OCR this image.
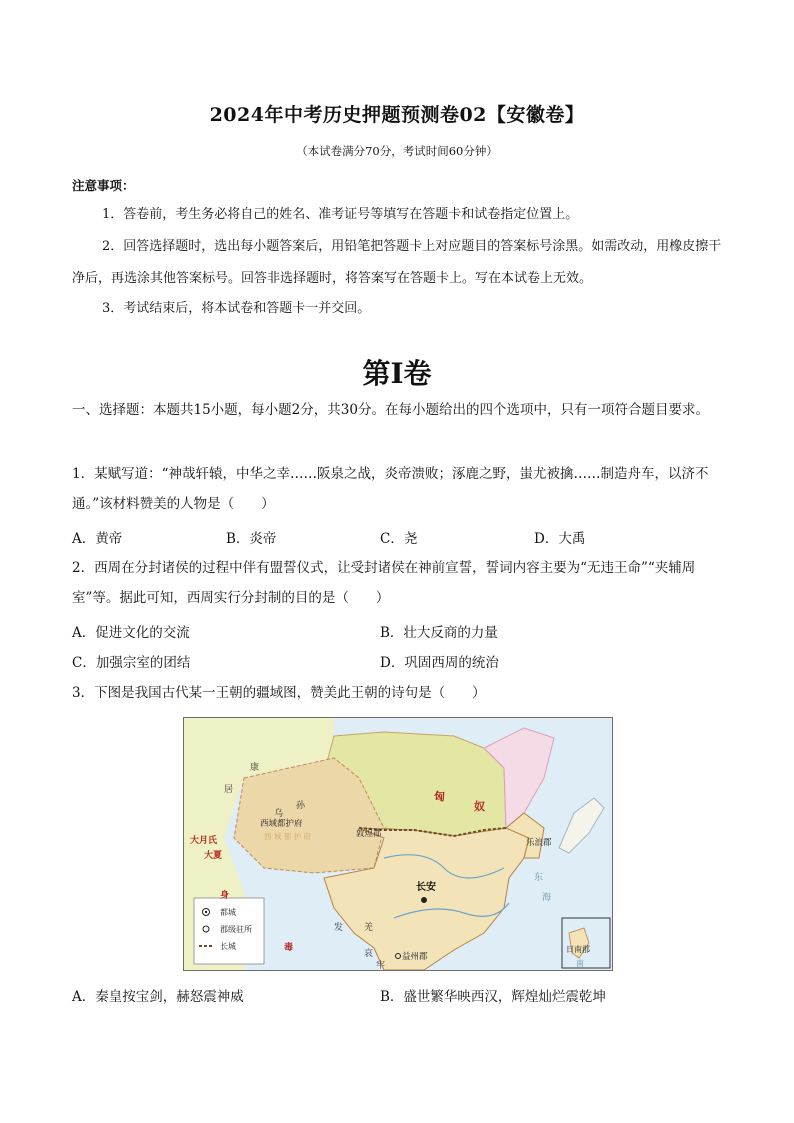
2024年中考历史押题预测卷02【安徽卷】
（本试卷满分70分，考试时间60分钟）
注意事项：
1．答卷前，考生务必将自己的姓名、准考证号等填写在答题卡和试卷指定位置上。
2．回答选择题时，选出每小题答案后，用铅笔把答题卡上对应题目的答案标号涂黑。如需改动，用橡皮擦干净后，再选涂其他答案标号。回答非选择题时，将答案写在答题卡上。写在本试卷上无效。
3．考试结束后，将本试卷和答题卡一并交回。
第Ⅰ卷
一、选择题：本题共15小题，每小题2分，共30分。在每小题给出的四个选项中，只有一项符合题目要求。
1．某赋写道：“神哉轩辕，中华之幸……阪泉之战，炎帝溃败；涿鹿之野，蚩尤被擒……制造舟车，以济不通。”该材料赞美的人物是（　　）
A．黄帝	B．炎帝	C．尧	D．大禹
2．西周在分封诸侯的过程中伴有盟誓仪式，让受封诸侯在神前宣誓，誓词内容主要为“无违王命”“夹辅周室”等。据此可知，西周实行分封制的目的是（　　）
A．促进文化的交流	B．壮大反商的力量
C．加强宗室的团结	D．巩固西周的统治
3．下图是我国古代某一王朝的疆域图，赞美此王朝的诗句是（　　）
都城
郡级驻所
长城
匈
奴
康
居
乌
孙
西域都护府
西 域 都 护 府
大月氏
大夏
身
毒
敦煌郡
乐浪郡
长安
发 羌
哀
牢
益州郡
日南郡
东
海
南
A．秦皇按宝剑，赫怒震神威	B．盛世繁华映西汉，辉煌灿烂震乾坤
